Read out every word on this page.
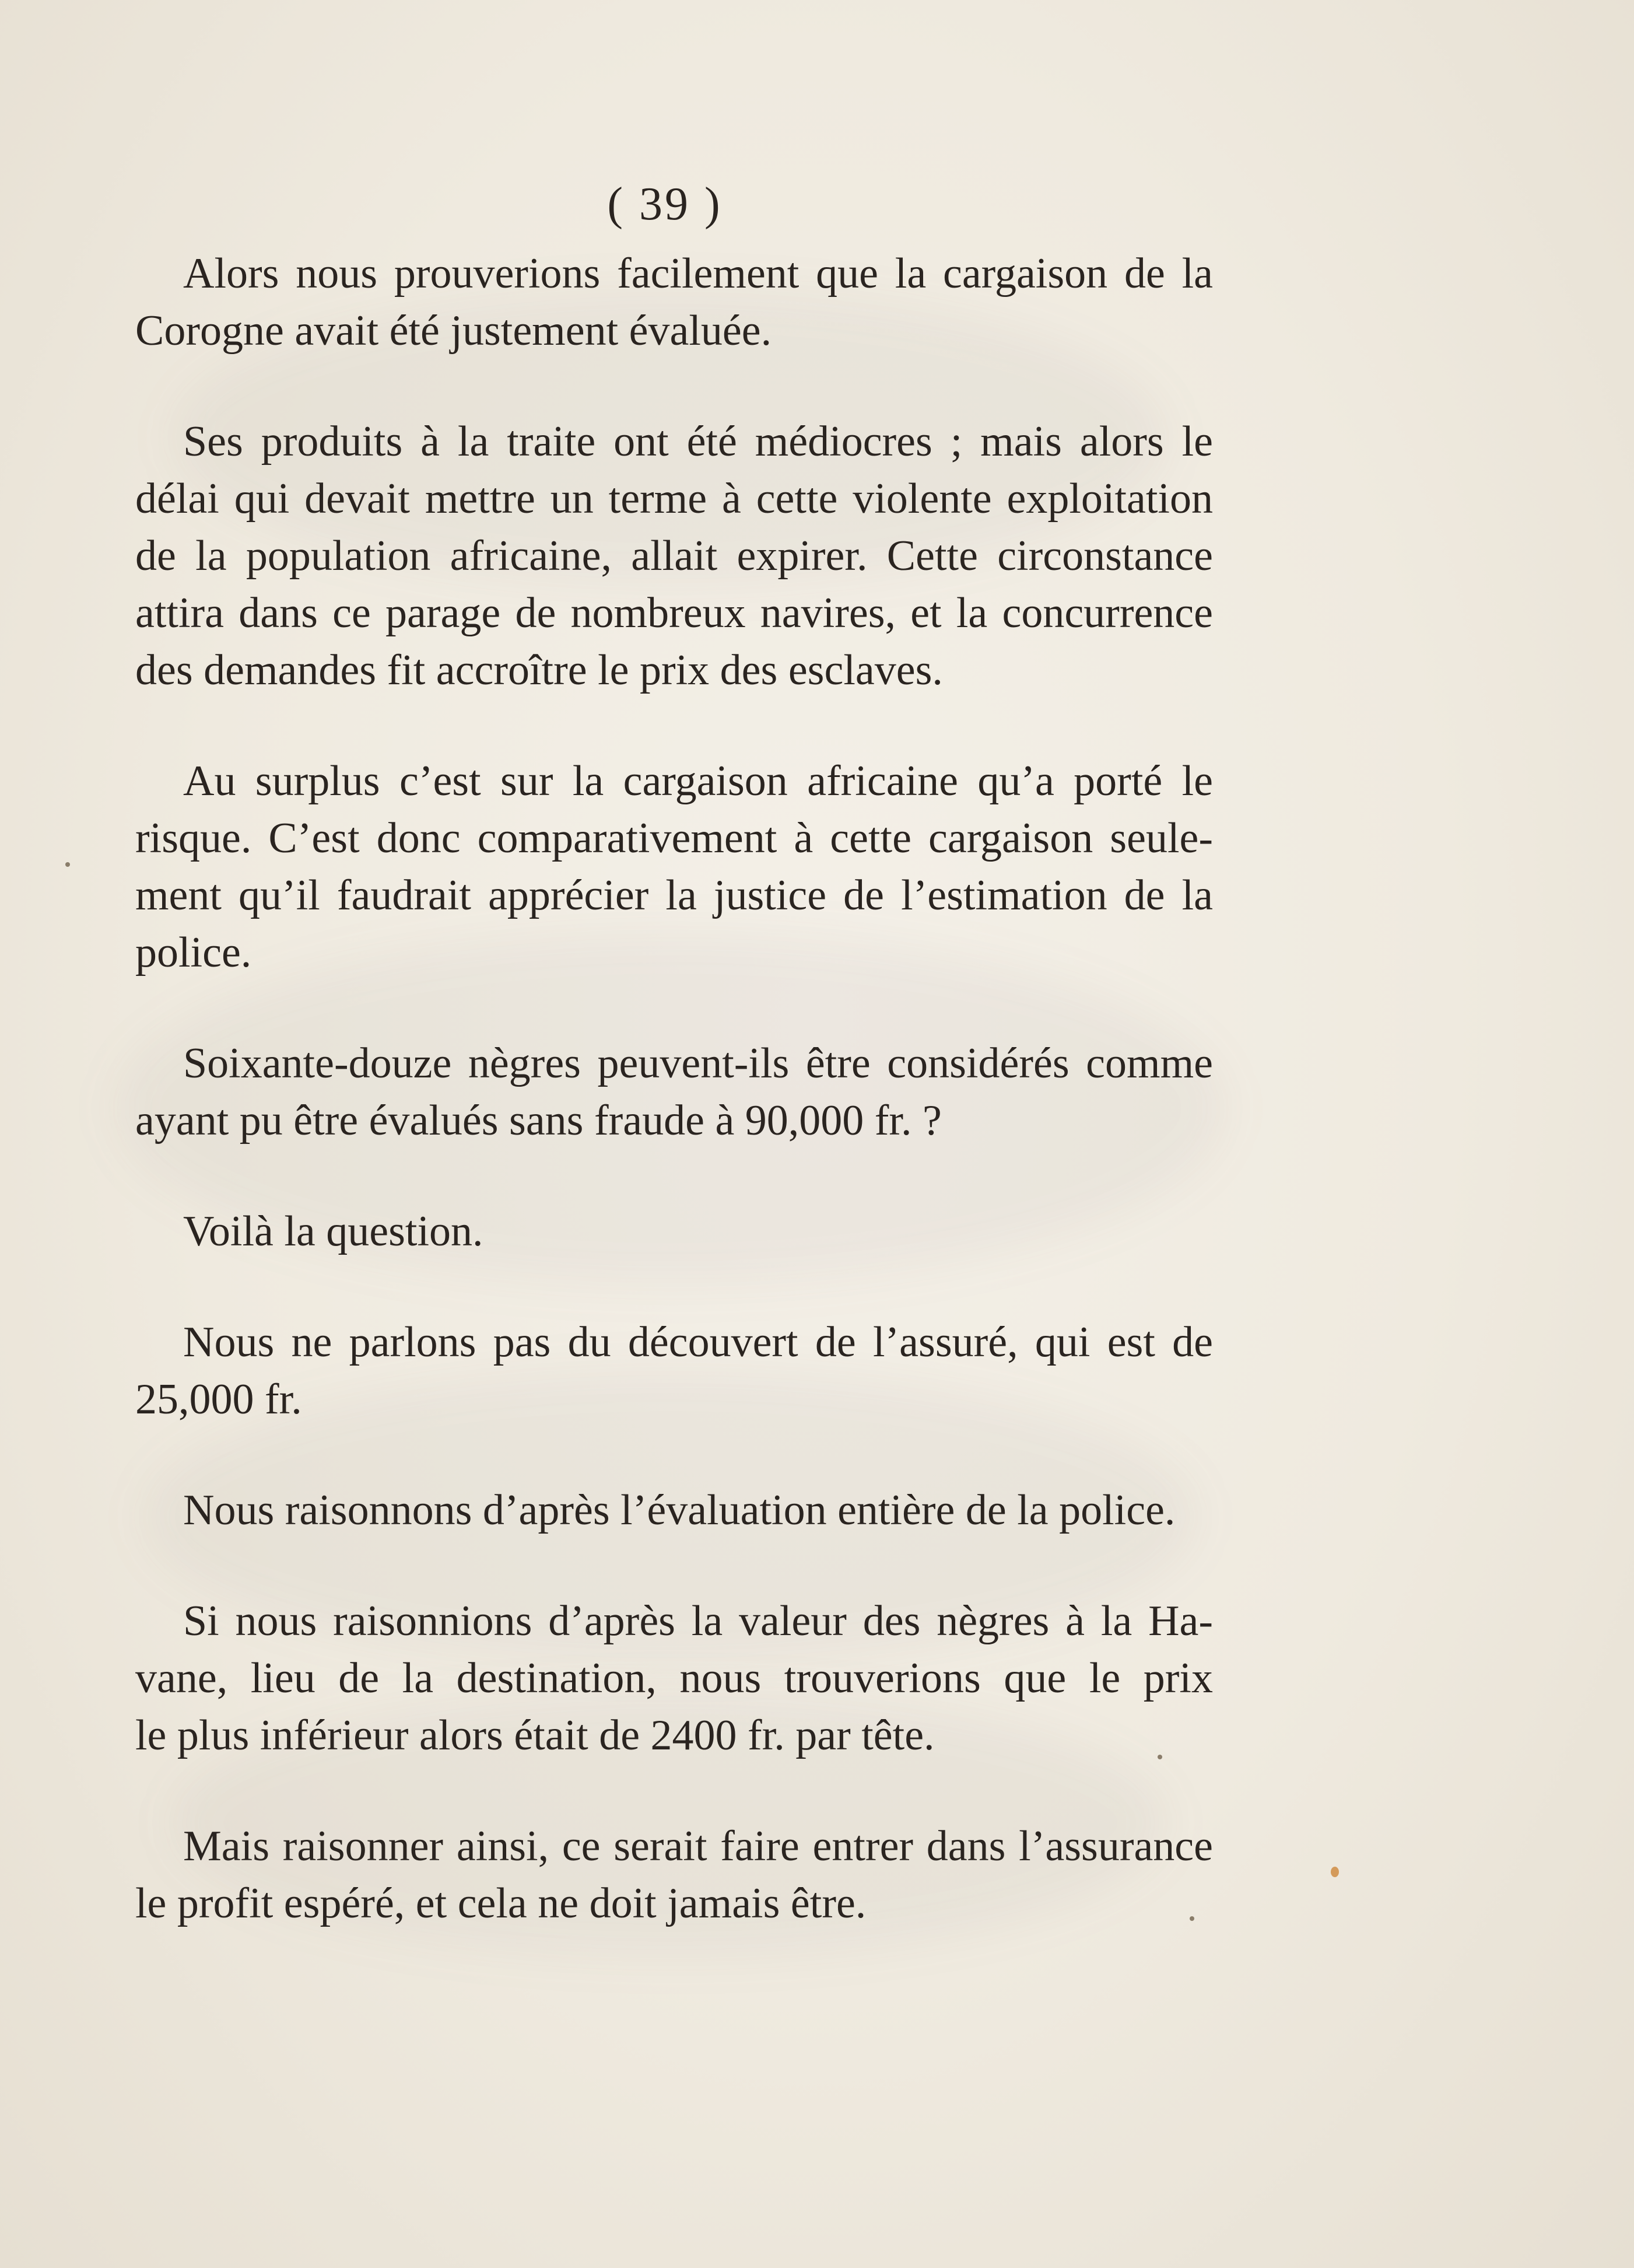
( 39 )
Alors nous prouverions facilement que la cargaison de la
Corogne avait été justement évaluée.
Ses produits à la traite ont été médiocres ; mais alors le
délai qui devait mettre un terme à cette violente exploitation
de la population africaine, allait expirer. Cette circonstance
attira dans ce parage de nombreux navires, et la concurrence
des demandes fit accroître le prix des esclaves.
Au surplus c’est sur la cargaison africaine qu’a porté le
risque. C’est donc comparativement à cette cargaison seule-
ment qu’il faudrait apprécier la justice de l’estimation de la
police.
Soixante-douze nègres peuvent-ils être considérés comme
ayant pu être évalués sans fraude à 90,000 fr. ?
Voilà la question.
Nous ne parlons pas du découvert de l’assuré, qui est de
25,000 fr.
Nous raisonnons d’après l’évaluation entière de la police.
Si nous raisonnions d’après la valeur des nègres à la Ha-
vane, lieu de la destination, nous trouverions que le prix
le plus inférieur alors était de 2400 fr. par tête.
Mais raisonner ainsi, ce serait faire entrer dans l’assurance
le profit espéré, et cela ne doit jamais être.
